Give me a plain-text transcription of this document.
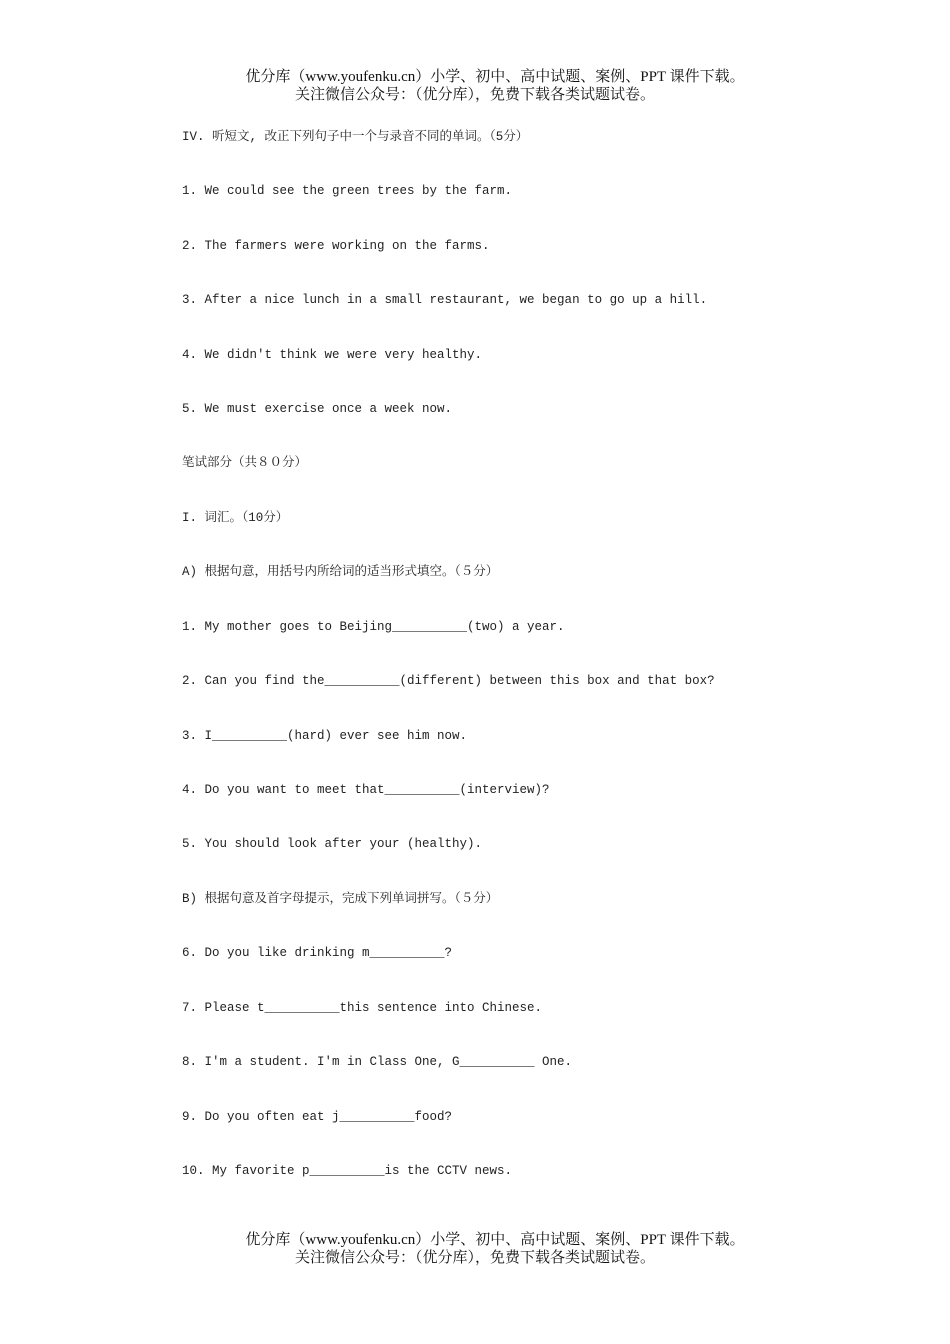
优分库（www.youfenku.cn）小学、初中、高中试题、案例、PPT 课件下载。
关注微信公众号：（优分库），免费下载各类试题试卷。
IV. 听短文, 改正下列句子中一个与录音不同的单词。（5分）
1. We could see the green trees by the farm.
2. The farmers were working on the farms.
3. After a nice lunch in a small restaurant, we began to go up a hill.
4. We didn't think we were very healthy.
5. We must exercise once a week now.
笔试部分（共８０分）
I. 词汇。（10分）
A) 根据句意，用括号内所给词的适当形式填空。（５分）
1. My mother goes to Beijing__________(two) a year.
2. Can you find the__________(different) between this box and that box?
3. I__________(hard) ever see him now.
4. Do you want to meet that__________(interview)?
5. You should look after your (healthy).
B) 根据句意及首字母提示，完成下列单词拼写。（５分）
6. Do you like drinking m__________?
7. Please t__________this sentence into Chinese.
8. I'm a student. I'm in Class One, G__________ One.
9. Do you often eat j__________food?
10. My favorite p__________is the CCTV news.
优分库（www.youfenku.cn）小学、初中、高中试题、案例、PPT 课件下载。
关注微信公众号：（优分库），免费下载各类试题试卷。
